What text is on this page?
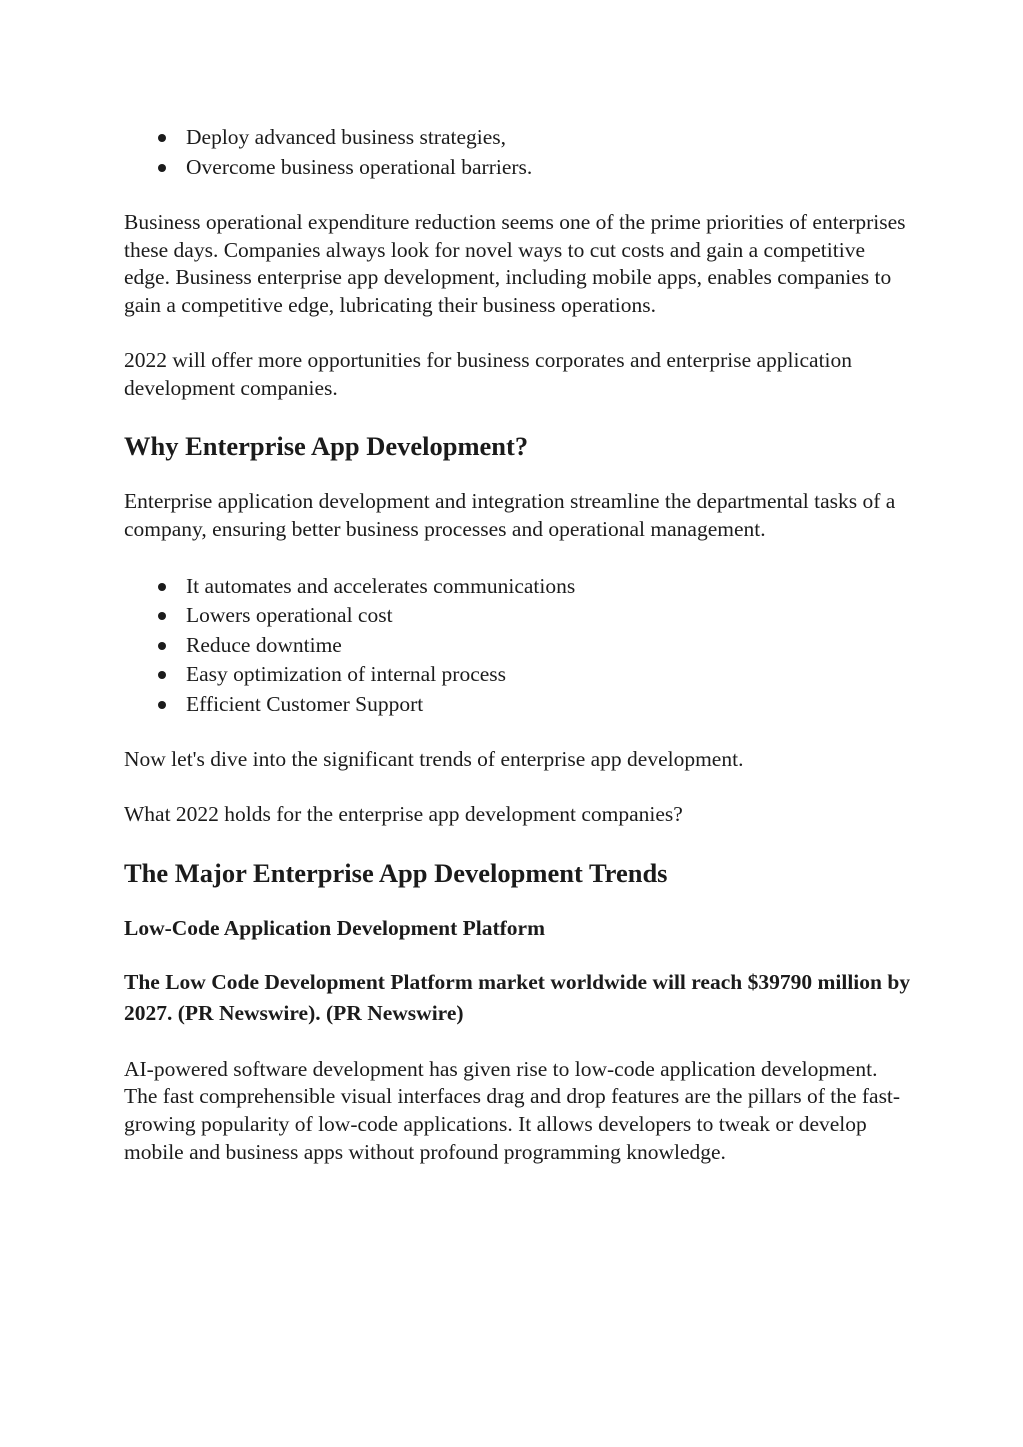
Deploy advanced business strategies,
Overcome business operational barriers.

Business operational expenditure reduction seems one of the prime priorities of enterprises these days. Companies always look for novel ways to cut costs and gain a competitive edge. Business enterprise app development, including mobile apps, enables companies to gain a competitive edge, lubricating their business operations.

2022 will offer more opportunities for business corporates and enterprise application development companies.

Why Enterprise App Development?

Enterprise application development and integration streamline the departmental tasks of a company, ensuring better business processes and operational management.

It automates and accelerates communications
Lowers operational cost
Reduce downtime
Easy optimization of internal process
Efficient Customer Support

Now let's dive into the significant trends of enterprise app development.

What 2022 holds for the enterprise app development companies?

The Major Enterprise App Development Trends
Low-Code Application Development Platform

The Low Code Development Platform market worldwide will reach $39790 million by 2027. (PR Newswire). (PR Newswire)

AI-powered software development has given rise to low-code application development. The fast comprehensible visual interfaces drag and drop features are the pillars of the fast-growing popularity of low-code applications. It allows developers to tweak or develop mobile and business apps without profound programming knowledge.
